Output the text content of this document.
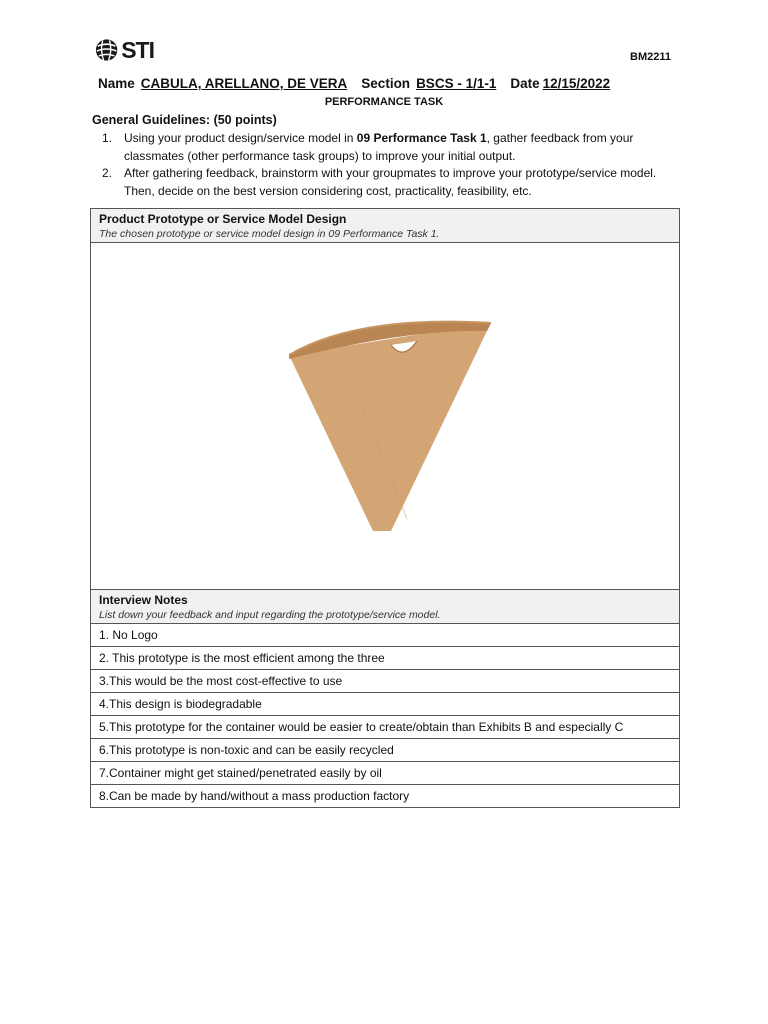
STI	BM2211
Name CABULA, ARELLANO, DE VERA Section BSCS - 1/1-1 Date 12/15/2022
PERFORMANCE TASK
General Guidelines: (50 points)
1. Using your product design/service model in 09 Performance Task 1, gather feedback from your classmates (other performance task groups) to improve your initial output.
2. After gathering feedback, brainstorm with your groupmates to improve your prototype/service model. Then, decide on the best version considering cost, practicality, feasibility, etc.
Product Prototype or Service Model Design
The chosen prototype or service model design in 09 Performance Task 1.
Interview Notes
List down your feedback and input regarding the prototype/service model.
1. No Logo
2. This prototype is the most efficient among the three
3.This would be the most cost-effective to use
4.This design is biodegradable
5.This prototype for the container would be easier to create/obtain than Exhibits B and especially C
6.This prototype is non-toxic and can be easily recycled
7.Container might get stained/penetrated easily by oil
8.Can be made by hand/without a mass production factory
